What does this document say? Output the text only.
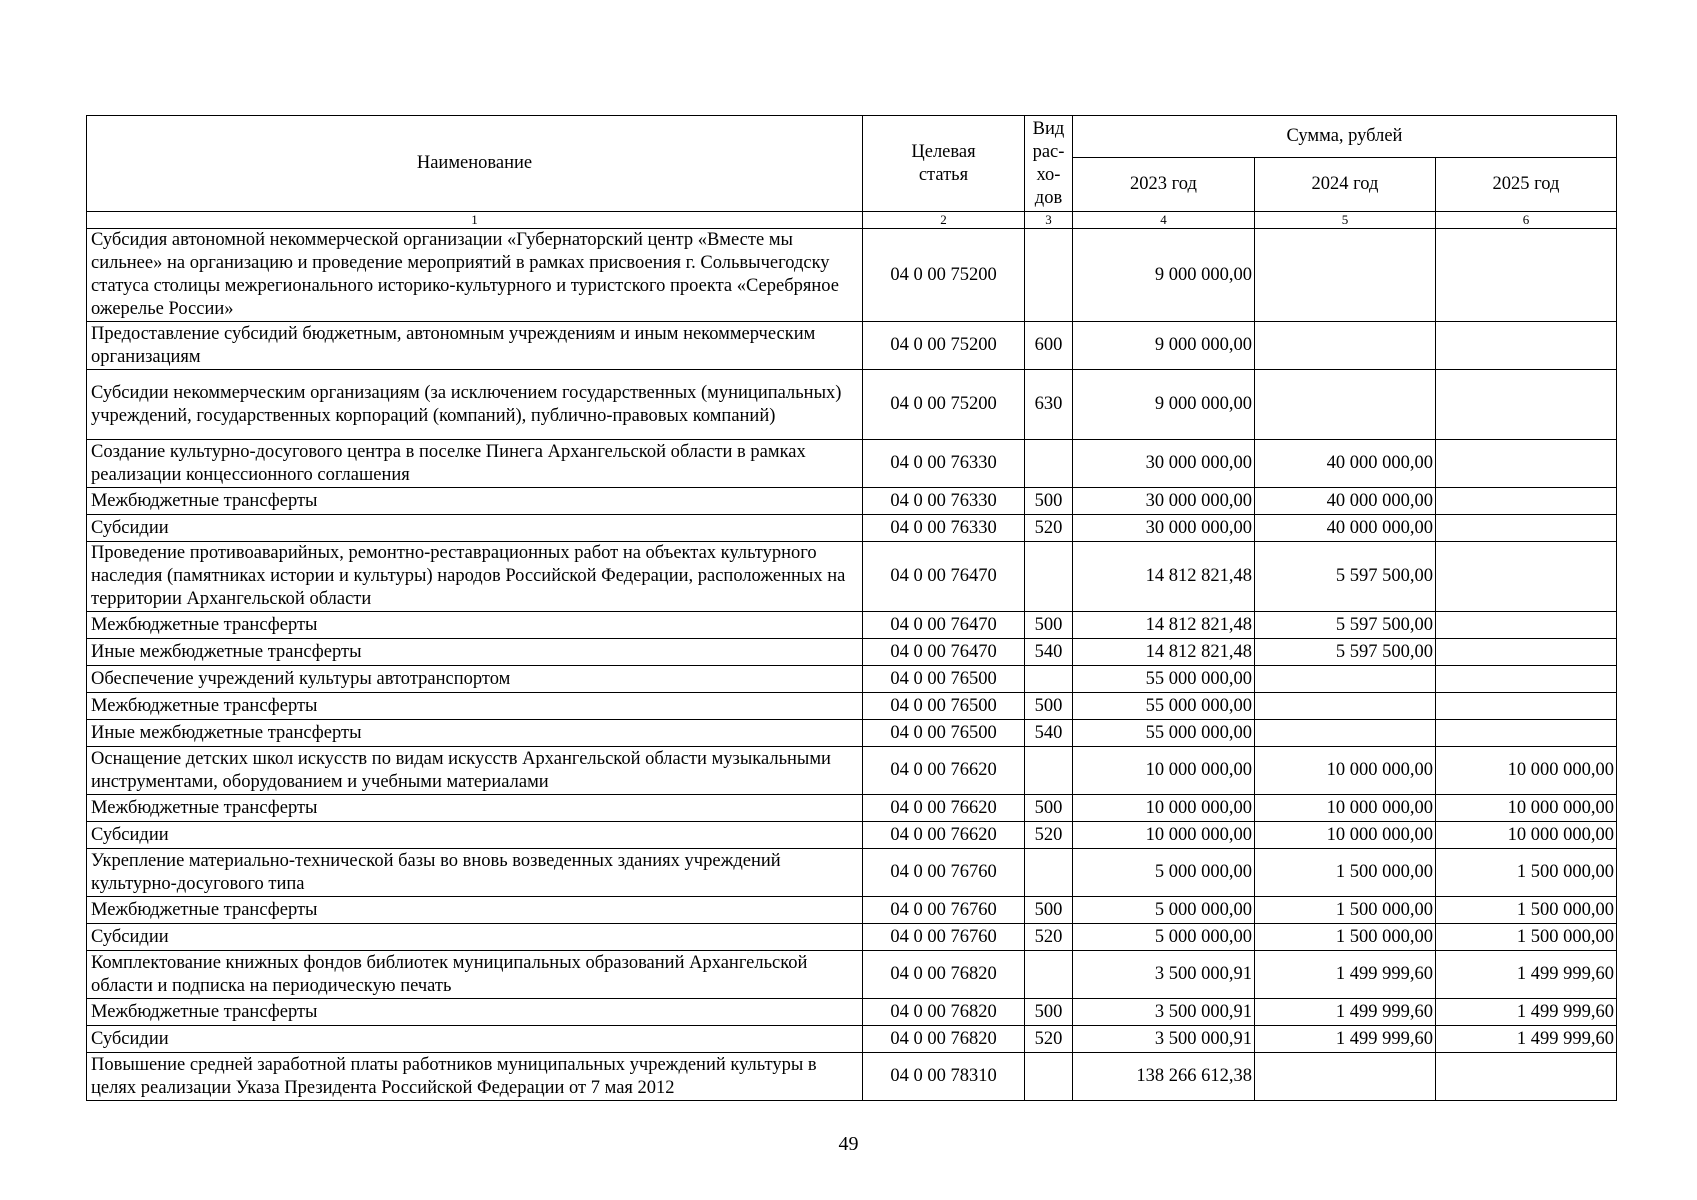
Наименование	Целевая статья	Вид рас- хо- дов	Сумма, рублей		
			2023 год	2024 год	2025 год
1	2	3	4	5	6
Субсидия автономной некоммерческой организации «Губернаторский центр «Вместе мы сильнее» на организацию и проведение мероприятий в рамках присвоения г. Сольвычегодску статуса столицы межрегионального историко-культурного и туристского проекта «Серебряное ожерелье России»	04 0 00 75200		9 000 000,00		
Предоставление субсидий бюджетным, автономным учреждениям и иным некоммерческим организациям	04 0 00 75200	600	9 000 000,00		
Субсидии некоммерческим организациям (за исключением государственных (муниципальных) учреждений, государственных корпораций (компаний), публично-правовых компаний)	04 0 00 75200	630	9 000 000,00		
Создание культурно-досугового центра в поселке Пинега Архангельской области в рамках реализации концессионного соглашения	04 0 00 76330		30 000 000,00	40 000 000,00	
Межбюджетные трансферты	04 0 00 76330	500	30 000 000,00	40 000 000,00	
Субсидии	04 0 00 76330	520	30 000 000,00	40 000 000,00	
Проведение противоаварийных, ремонтно-реставрационных работ на объектах культурного наследия (памятниках истории и культуры) народов Российской Федерации, расположенных на территории Архангельской области	04 0 00 76470		14 812 821,48	5 597 500,00	
Межбюджетные трансферты	04 0 00 76470	500	14 812 821,48	5 597 500,00	
Иные межбюджетные трансферты	04 0 00 76470	540	14 812 821,48	5 597 500,00	
Обеспечение учреждений культуры автотранспортом	04 0 00 76500		55 000 000,00		
Межбюджетные трансферты	04 0 00 76500	500	55 000 000,00		
Иные межбюджетные трансферты	04 0 00 76500	540	55 000 000,00		
Оснащение детских школ искусств по видам искусств Архангельской области музыкальными инструментами, оборудованием и учебными материалами	04 0 00 76620		10 000 000,00	10 000 000,00	10 000 000,00
Межбюджетные трансферты	04 0 00 76620	500	10 000 000,00	10 000 000,00	10 000 000,00
Субсидии	04 0 00 76620	520	10 000 000,00	10 000 000,00	10 000 000,00
Укрепление материально-технической базы во вновь возведенных зданиях учреждений культурно-досугового типа	04 0 00 76760		5 000 000,00	1 500 000,00	1 500 000,00
Межбюджетные трансферты	04 0 00 76760	500	5 000 000,00	1 500 000,00	1 500 000,00
Субсидии	04 0 00 76760	520	5 000 000,00	1 500 000,00	1 500 000,00
Комплектование книжных фондов библиотек муниципальных образований Архангельской области и подписка на периодическую печать	04 0 00 76820		3 500 000,91	1 499 999,60	1 499 999,60
Межбюджетные трансферты	04 0 00 76820	500	3 500 000,91	1 499 999,60	1 499 999,60
Субсидии	04 0 00 76820	520	3 500 000,91	1 499 999,60	1 499 999,60
Повышение средней заработной платы работников муниципальных учреждений культуры в целях реализации Указа Президента Российской Федерации от 7 мая 2012	04 0 00 78310		138 266 612,38		
49
